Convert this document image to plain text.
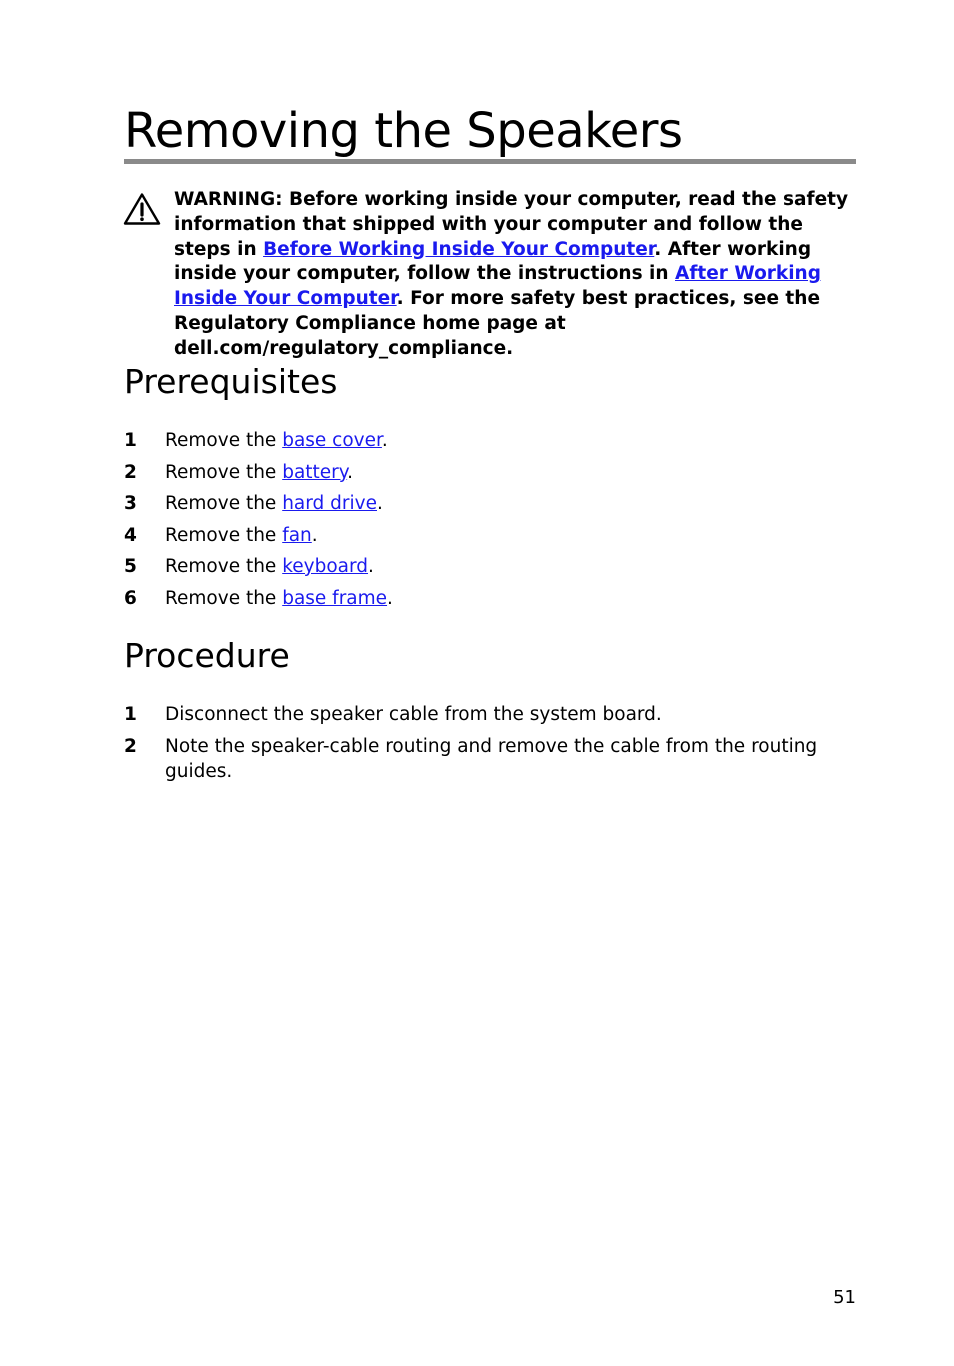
Removing the Speakers

WARNING: Before working inside your computer, read the safety information that shipped with your computer and follow the steps in Before Working Inside Your Computer. After working inside your computer, follow the instructions in After Working Inside Your Computer. For more safety best practices, see the Regulatory Compliance home page at dell.com/regulatory_compliance.

Prerequisites
1	Remove the base cover.
2	Remove the battery.
3	Remove the hard drive.
4	Remove the fan.
5	Remove the keyboard.
6	Remove the base frame.
Procedure
1	Disconnect the speaker cable from the system board.
2	Note the speaker-cable routing and remove the cable from the routing guides.
51
